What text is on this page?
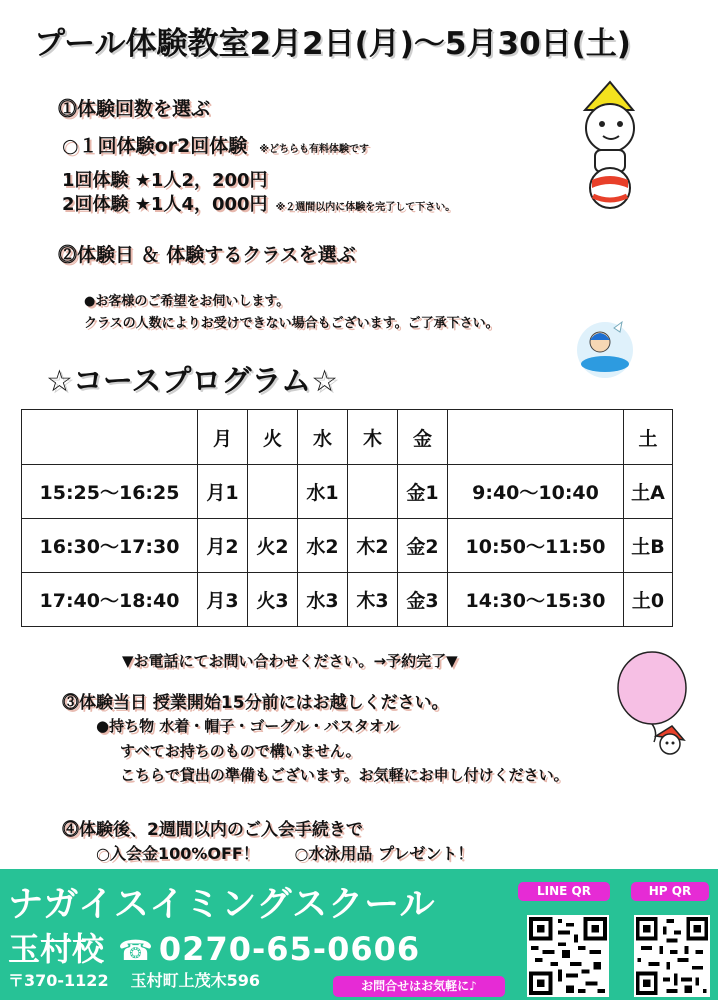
プール体験教室2月2日(月)～5月30日(土)
⓵体験回数を選ぶ
○１回体験or2回体験 ※どちらも有料体験です
1回体験 ★1人2，200円
2回体験 ★1人4，000円 ※２週間以内に体験を完了して下さい。
⓶体験日 ＆ 体験するクラスを選ぶ
●お客様のご希望をお伺いします。
クラスの人数によりお受けできない場合もございます。ご了承下さい。
☆コースプログラム☆
	月	火	水	木	金		土
15:25～16:25	月1		水1		金1	9:40～10:40	土A
16:30～17:30	月2	火2	水2	木2	金2	10:50～11:50	土B
17:40～18:40	月3	火3	水3	木3	金3	14:30～15:30	土0
▼お電話にてお問い合わせください。→予約完了▼
⓷体験当日 授業開始15分前にはお越しください。
●持ち物 水着・帽子・ゴーグル・バスタオル
すべてお持ちのもので構いません。
こちらで貸出の準備もございます。お気軽にお申し付けください。
⓸体験後、2週間以内のご入会手続きで
○入会金100%OFF！ ○水泳用品 プレゼント！
ナガイスイミングスクール
玉村校 ☎ 0270-65-0606
〒370-1122 玉村町上茂木596
LINE QR	HP QR
お問合せはお気軽に♪
